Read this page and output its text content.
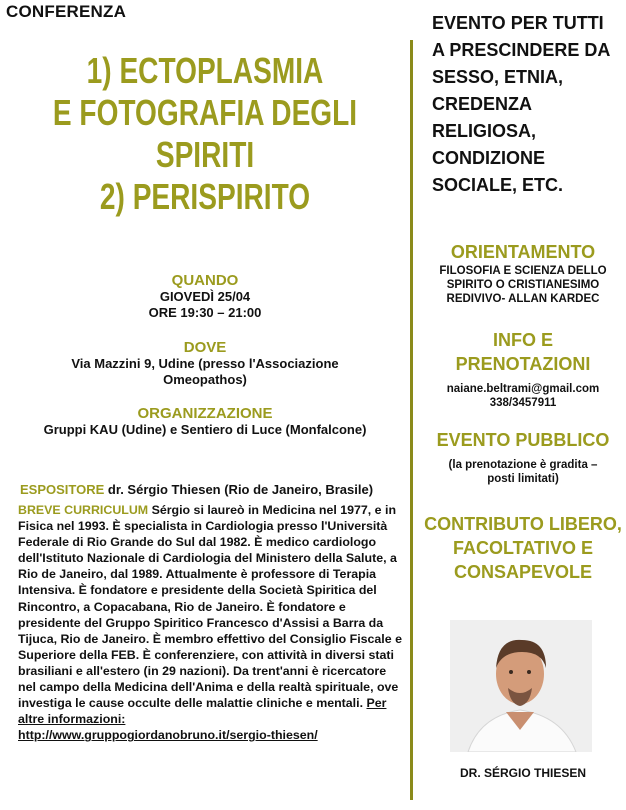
CONFERENZA
1) ECTOPLASMIA
E FOTOGRAFIA DEGLI
SPIRITI
2) PERISPIRITO
QUANDO
GIOVEDÌ 25/04
ORE 19:30 – 21:00
DOVE
Via Mazzini 9, Udine (presso l'Associazione
Omeopathos)
ORGANIZZAZIONE
Gruppi KAU (Udine) e Sentiero di Luce (Monfalcone)
ESPOSITORE dr. Sérgio Thiesen (Rio de Janeiro, Brasile)
BREVE CURRICULUM Sérgio si laureò in Medicina nel 1977, e in Fisica nel 1993. È specialista in Cardiologia presso l'Università Federale di Rio Grande do Sul dal 1982. È medico cardiologo dell'Istituto Nazionale di Cardiologia del Ministero della Salute, a Rio de Janeiro, dal 1989. Attualmente è professore di Terapia Intensiva. È fondatore e presidente della Società Spiritica del Rincontro, a Copacabana, Rio de Janeiro. È fondatore e presidente del Gruppo Spiritico Francesco d'Assisi a Barra da Tijuca, Rio de Janeiro. È membro effettivo del Consiglio Fiscale e Superiore della FEB. È conferenziere, con attività in diversi stati brasiliani e all'estero (in 29 nazioni). Da trent'anni è ricercatore nel campo della Medicina dell'Anima e della realtà spirituale, ove investiga le cause occulte delle malattie cliniche e mentali. Per altre informazioni:
http://www.gruppogiordanobruno.it/sergio-thiesen/
EVENTO PER TUTTI
A PRESCINDERE DA
SESSO, ETNIA,
CREDENZA
RELIGIOSA,
CONDIZIONE
SOCIALE, ETC.
ORIENTAMENTO
FILOSOFIA E SCIENZA DELLO
SPIRITO O CRISTIANESIMO
REDIVIVO- ALLAN KARDEC
INFO E
PRENOTAZIONI
naiane.beltrami@gmail.com
338/3457911
EVENTO PUBBLICO
(la prenotazione è gradita –
posti limitati)
CONTRIBUTO LIBERO,
FACOLTATIVO E
CONSAPEVOLE
DR. SÉRGIO THIESEN
